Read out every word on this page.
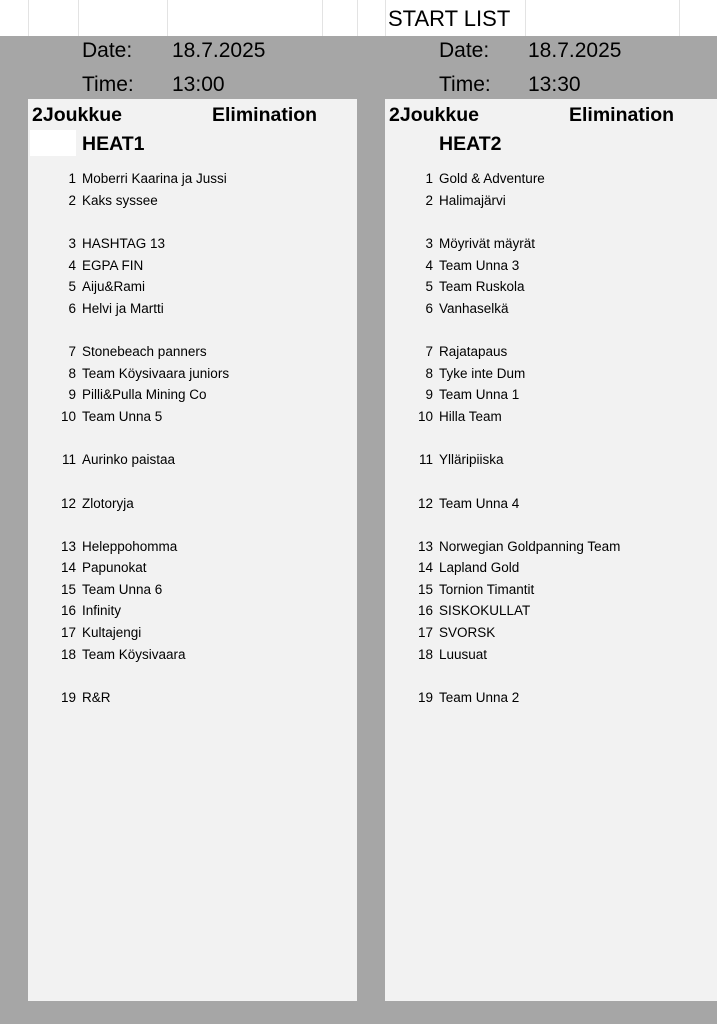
START LIST
Date: 18.7.2025
Time: 13:00
Date: 18.7.2025
Time: 13:30
2Joukkue	Elimination
HEAT1
1 Moberri Kaarina ja Jussi
2 Kaks syssee
3 HASHTAG 13
4 EGPA FIN
5 Aiju&Rami
6 Helvi ja Martti
7 Stonebeach panners
8 Team Köysivaara juniors
9 Pilli&Pulla Mining Co
10 Team Unna 5
11 Aurinko paistaa
12 Zlotoryja
13 Heleppohomma
14 Papunokat
15 Team Unna 6
16 Infinity
17 Kultajengi
18 Team Köysivaara
19 R&R
2Joukkue	Elimination
HEAT2
1 Gold & Adventure
2 Halimajärvi
3 Möyrivät mäyrät
4 Team Unna 3
5 Team Ruskola
6 Vanhaselkä
7 Rajatapaus
8 Tyke inte Dum
9 Team Unna 1
10 Hilla Team
11 Ylläripiiska
12 Team Unna 4
13 Norwegian Goldpanning Team
14 Lapland Gold
15 Tornion Timantit
16 SISKOKULLAT
17 SVORSK
18 Luusuat
19 Team Unna 2
